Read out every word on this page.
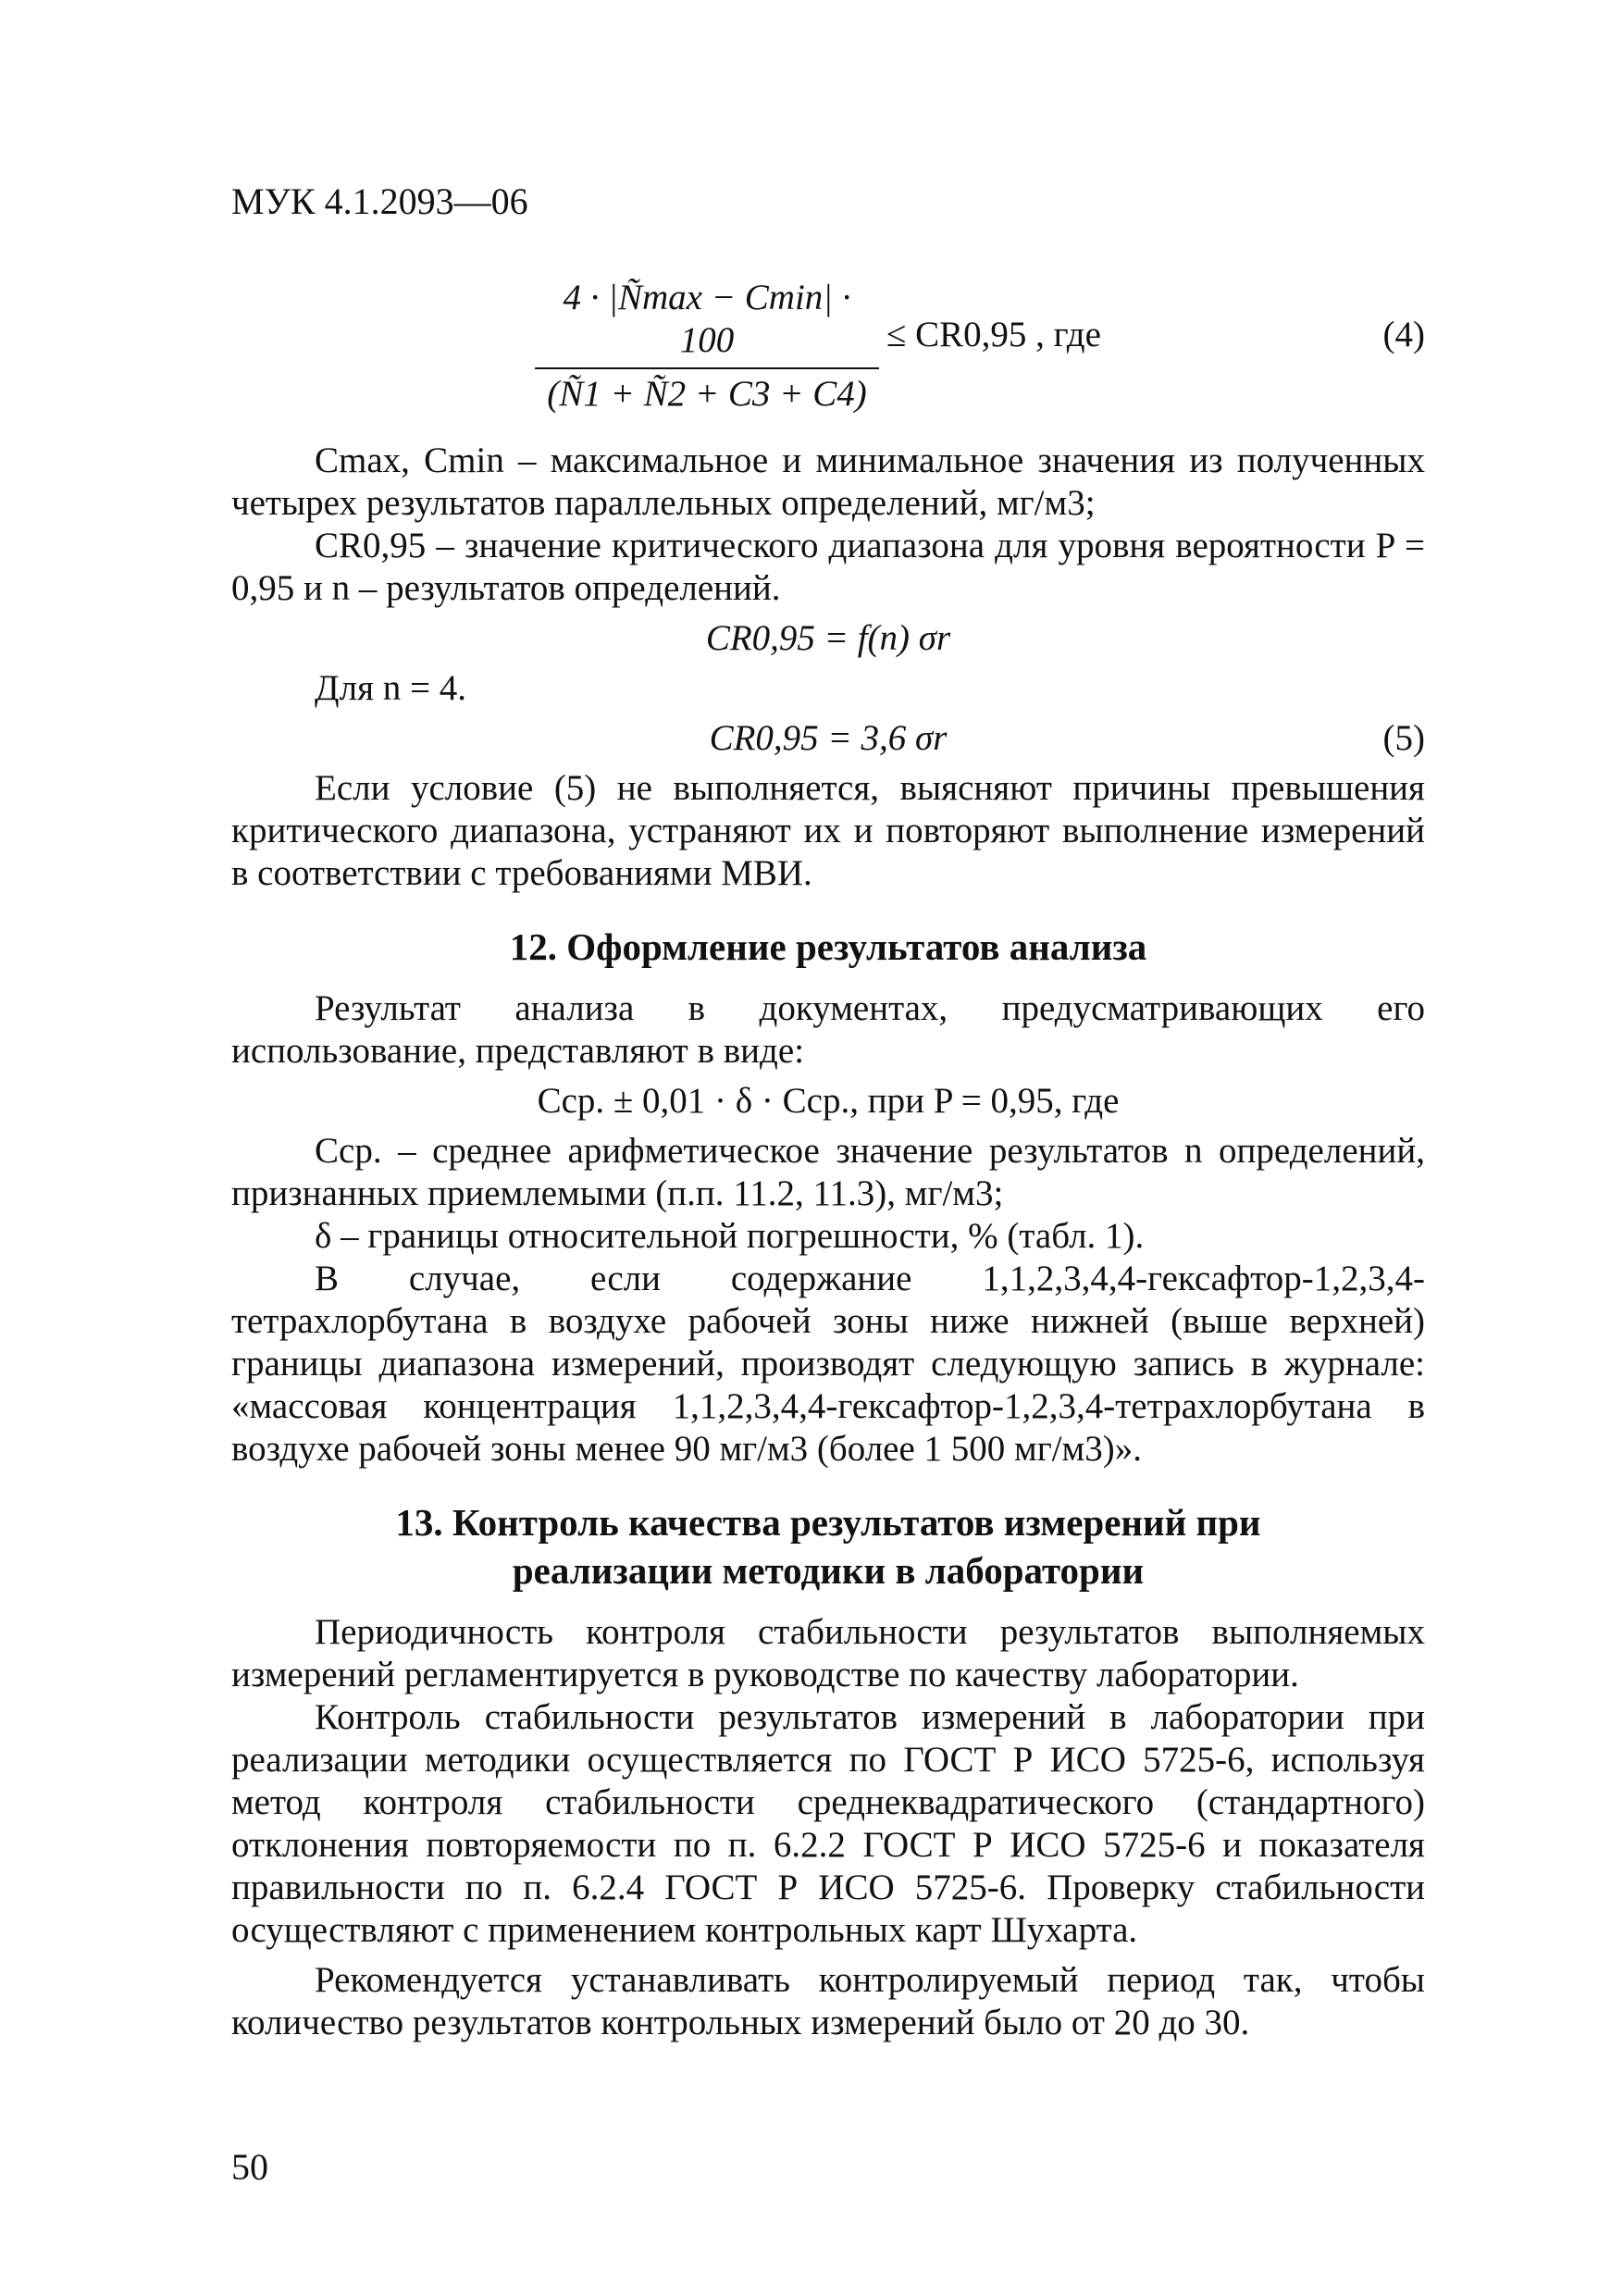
МУК 4.1.2093—06
4 · |Ñmax − Cmin| · 100
(Ñ1 + Ñ2 + C3 + C4)
≤ CR0,95 , где	(4)

Cmax, Cmin – максимальное и минимальное значения из полученных четырех результатов параллельных определений, мг/м3;

CR0,95 – значение критического диапазона для уровня вероятности P = 0,95 и n – результатов определений.

CR0,95 = f(n) σr

Для n = 4.

CR0,95 = 3,6 σr	(5)

Если условие (5) не выполняется, выясняют причины превышения критического диапазона, устраняют их и повторяют выполнение измерений в соответствии с требованиями МВИ.

12. Оформление результатов анализа

Результат анализа в документах, предусматривающих его использование, представляют в виде:

Cср. ± 0,01 · δ · Cср., при P = 0,95, где

Cср. – среднее арифметическое значение результатов n определений, признанных приемлемыми (п.п. 11.2, 11.3), мг/м3;

δ – границы относительной погрешности, % (табл. 1).

В случае, если содержание 1,1,2,3,4,4-гексафтор-1,2,3,4-тетрахлорбутана в воздухе рабочей зоны ниже нижней (выше верхней) границы диапазона измерений, производят следующую запись в журнале: «массовая концентрация 1,1,2,3,4,4-гексафтор-1,2,3,4-тетрахлорбутана в воздухе рабочей зоны менее 90 мг/м3 (более 1 500 мг/м3)».

13. Контроль качества результатов измерений при
реализации методики в лаборатории

Периодичность контроля стабильности результатов выполняемых измерений регламентируется в руководстве по качеству лаборатории.

Контроль стабильности результатов измерений в лаборатории при реализации методики осуществляется по ГОСТ Р ИСО 5725-6, используя метод контроля стабильности среднеквадратического (стандартного) отклонения повторяемости по п. 6.2.2 ГОСТ Р ИСО 5725-6 и показателя правильности по п. 6.2.4 ГОСТ Р ИСО 5725-6. Проверку стабильности осуществляют с применением контрольных карт Шухарта.

Рекомендуется устанавливать контролируемый период так, чтобы количество результатов контрольных измерений было от 20 до 30.

50
